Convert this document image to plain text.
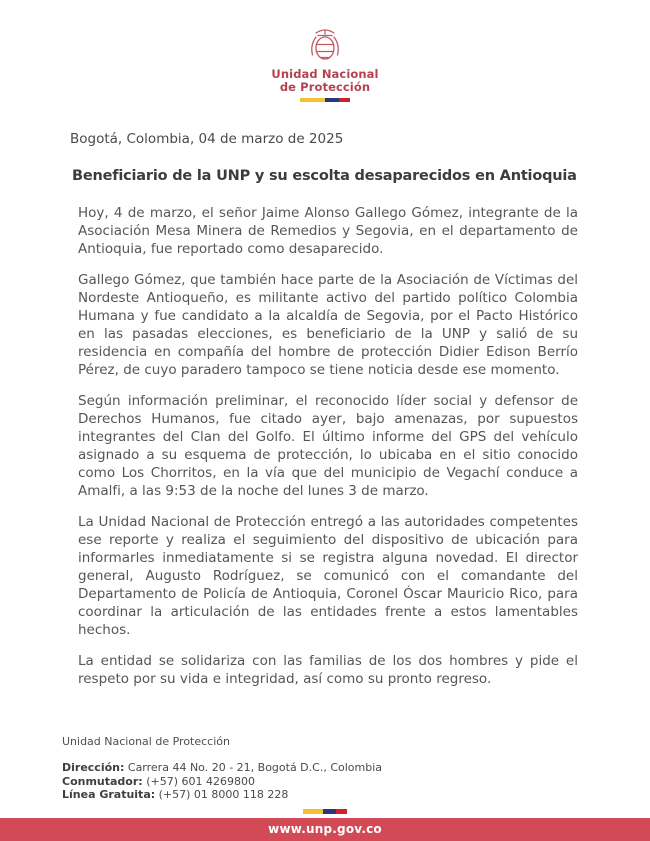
Unidad Nacional
de Protección

Bogotá, Colombia, 04 de marzo de 2025

Beneficiario de la UNP y su escolta desaparecidos en Antioquia

Hoy, 4 de marzo, el señor Jaime Alonso Gallego Gómez, integrante de la Asociación Mesa Minera de Remedios y Segovia, en el departamento de Antioquia, fue reportado como desaparecido.

Gallego Gómez, que también hace parte de la Asociación de Víctimas del Nordeste Antioqueño, es militante activo del partido político Colombia Humana y fue candidato a la alcaldía de Segovia, por el Pacto Histórico en las pasadas elecciones, es beneficiario de la UNP y salió de su residencia en compañía del hombre de protección Didier Edison Berrío Pérez, de cuyo paradero tampoco se tiene noticia desde ese momento.

Según información preliminar, el reconocido líder social y defensor de Derechos Humanos, fue citado ayer, bajo amenazas, por supuestos integrantes del Clan del Golfo. El último informe del GPS del vehículo asignado a su esquema de protección, lo ubicaba en el sitio conocido como Los Chorritos, en la vía que del municipio de Vegachí conduce a Amalfi, a las 9:53 de la noche del lunes 3 de marzo.

La Unidad Nacional de Protección entregó a las autoridades competentes ese reporte y realiza el seguimiento del dispositivo de ubicación para informarles inmediatamente si se registra alguna novedad. El director general, Augusto Rodríguez, se comunicó con el comandante del Departamento de Policía de Antioquia, Coronel Óscar Mauricio Rico, para coordinar la articulación de las entidades frente a estos lamentables hechos.

La entidad se solidariza con las familias de los dos hombres y pide el respeto por su vida e integridad, así como su pronto regreso.

Unidad Nacional de Protección
Dirección: Carrera 44 No. 20 - 21, Bogotá D.C., Colombia
Conmutador: (+57) 601 4269800
Línea Gratuita: (+57) 01 8000 118 228
www.unp.gov.co
